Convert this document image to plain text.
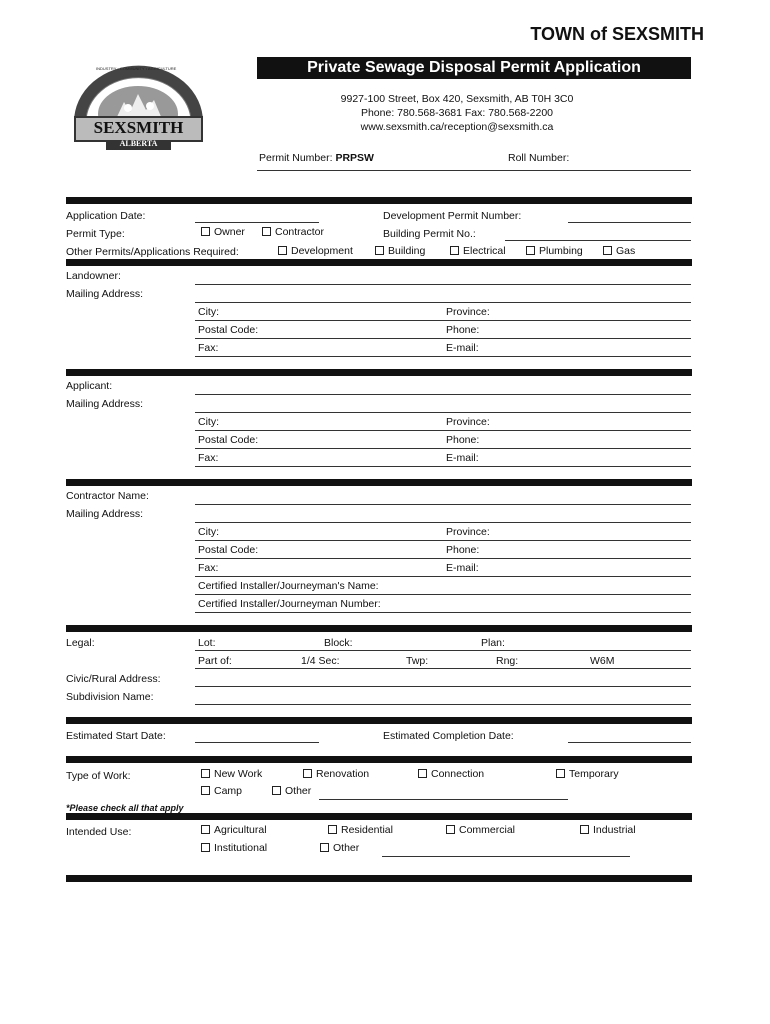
TOWN of SEXSMITH
INDUSTRY • COMMUNITY • AGRICULTURE
SEXSMITH
ALBERTA
Private Sewage Disposal Permit Application
9927-100 Street, Box 420, Sexsmith, AB T0H 3C0
Phone: 780.568-3681 Fax: 780.568-2200
www.sexsmith.ca/reception@sexsmith.ca
Permit Number: PRPSW	Roll Number:
Application Date:	Development Permit Number:
Permit Type:	Owner	Contractor	Building Permit No.:
Other Permits/Applications Required:	Development	Building	Electrical	Plumbing	Gas
Landowner:
Mailing Address:
City:	Province:
Postal Code:	Phone:
Fax:	E-mail:
Applicant:
Mailing Address:
City:	Province:
Postal Code:	Phone:
Fax:	E-mail:
Contractor Name:
Mailing Address:
City:	Province:
Postal Code:	Phone:
Fax:	E-mail:
Certified Installer/Journeyman's Name:
Certified Installer/Journeyman Number:
Legal:	Lot:	Block:	Plan:
Part of:	1/4 Sec:	Twp:	Rng:	W6M
Civic/Rural Address:
Subdivision Name:
Estimated Start Date:	Estimated Completion Date:
Type of Work:	New Work	Renovation	Connection	Temporary
Camp	Other
*Please check all that apply
Intended Use:	Agricultural	Residential	Commercial	Industrial
Institutional	Other
